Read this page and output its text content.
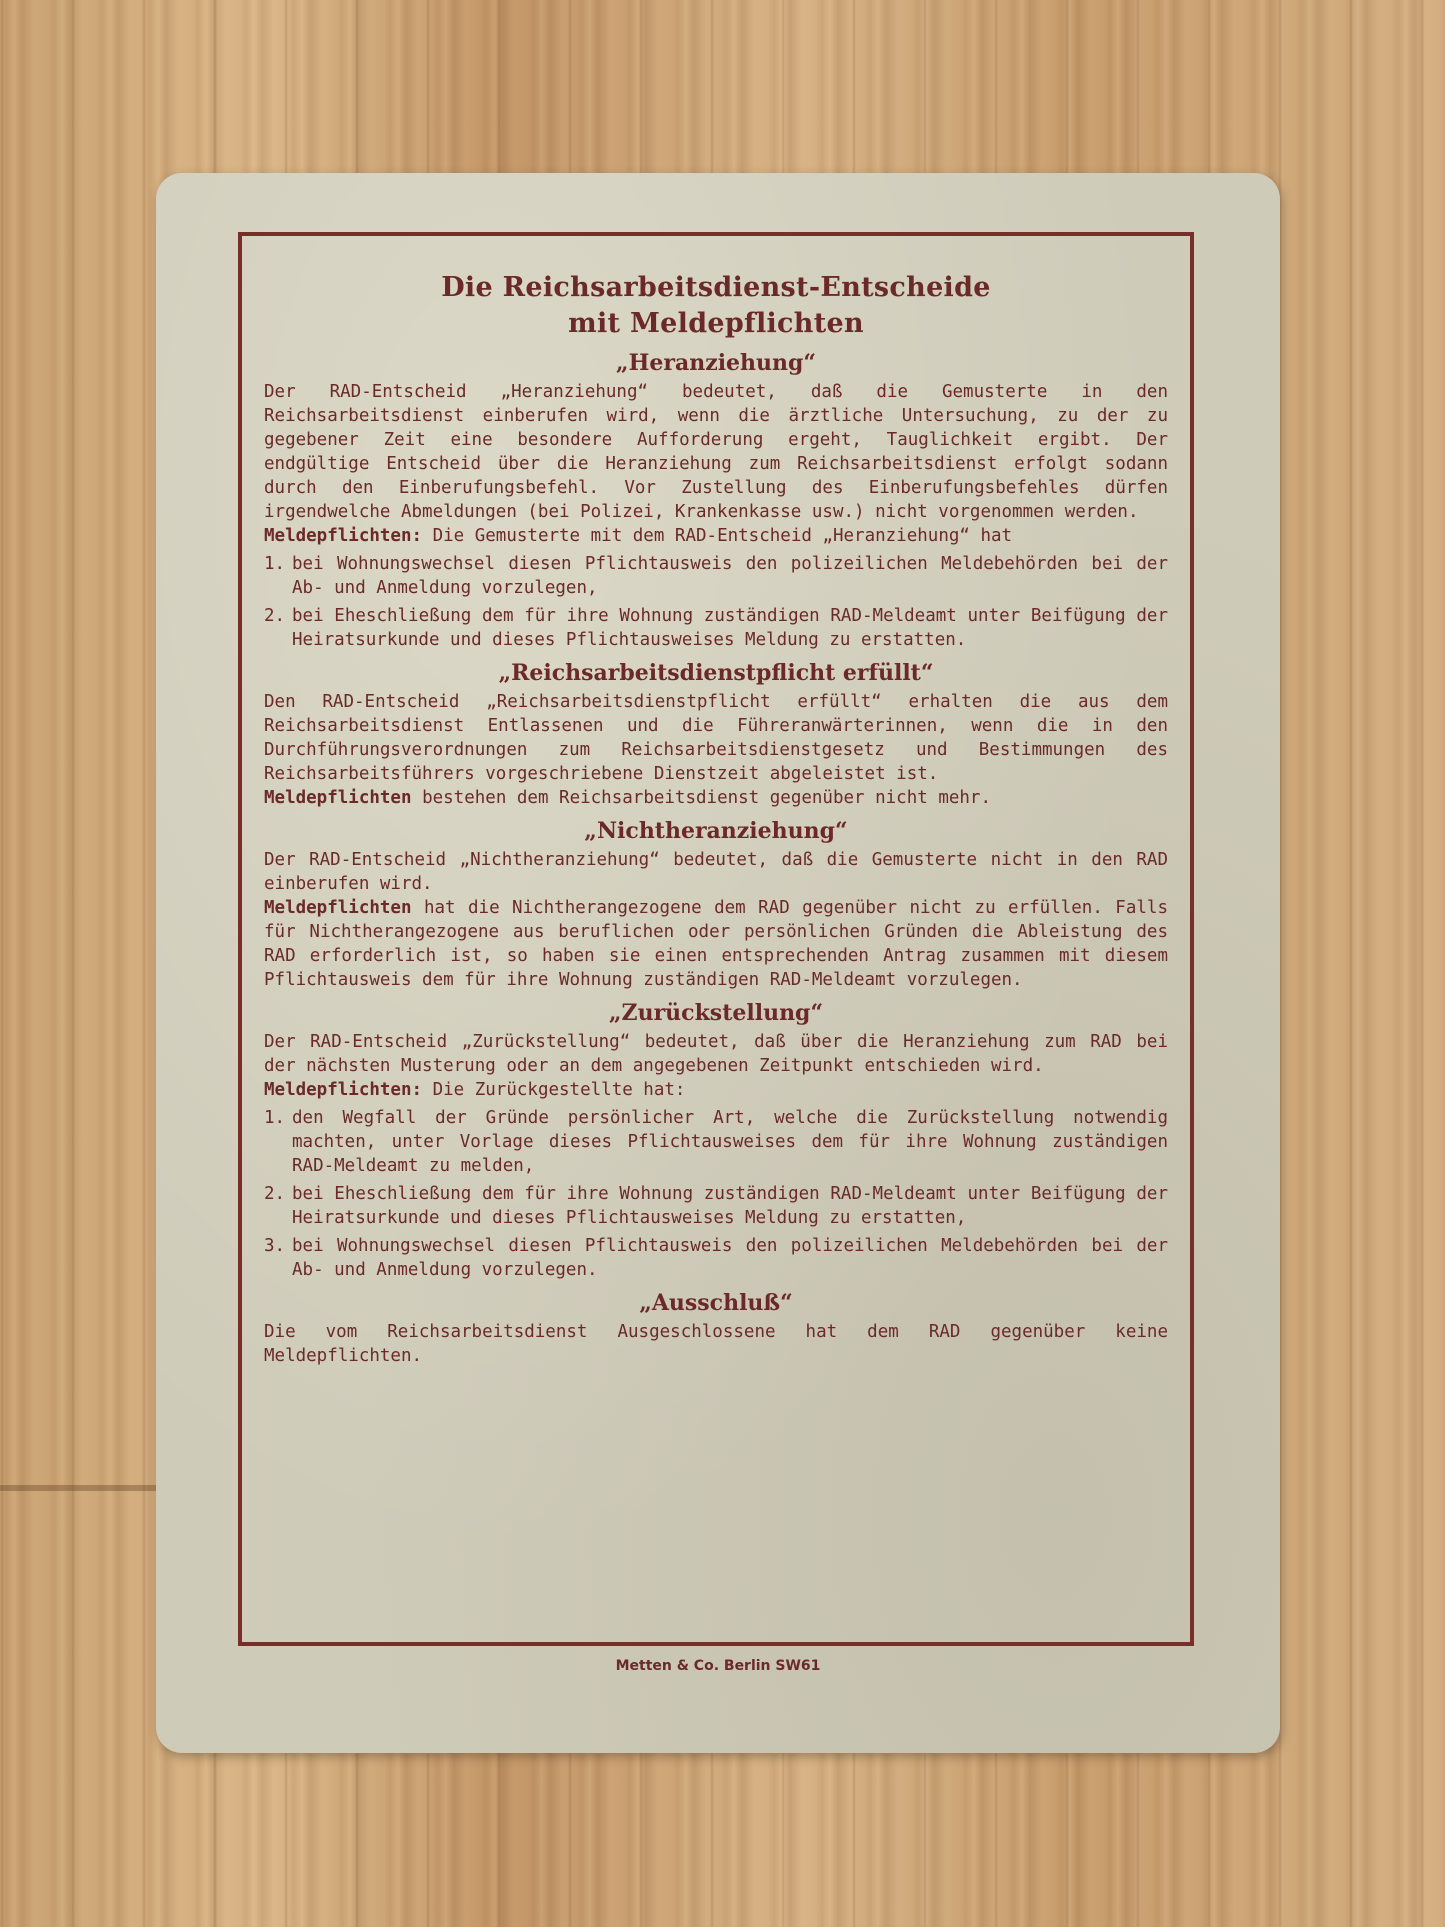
Die Reichsarbeitsdienst-Entscheide
mit Meldepflichten
„Heranziehung“
Der RAD-Entscheid „Heranziehung“ bedeutet, daß die Gemusterte in den Reichsarbeitsdienst einberufen wird, wenn die ärztliche Untersuchung, zu der zu gegebener Zeit eine besondere Aufforderung ergeht, Tauglichkeit ergibt. Der endgültige Entscheid über die Heranziehung zum Reichsarbeitsdienst erfolgt sodann durch den Einberufungsbefehl. Vor Zustellung des Einberufungsbefehles dürfen irgendwelche Abmeldungen (bei Polizei, Krankenkasse usw.) nicht vorgenommen werden.
Meldepflichten: Die Gemusterte mit dem RAD-Entscheid „Heranziehung“ hat
1. bei Wohnungswechsel diesen Pflichtausweis den polizeilichen Meldebehörden bei der Ab- und Anmeldung vorzulegen,
2. bei Eheschließung dem für ihre Wohnung zuständigen RAD-Meldeamt unter Beifügung der Heiratsurkunde und dieses Pflichtausweises Meldung zu erstatten.
„Reichsarbeitsdienstpflicht erfüllt“
Den RAD-Entscheid „Reichsarbeitsdienstpflicht erfüllt“ erhalten die aus dem Reichsarbeitsdienst Entlassenen und die Führeranwärterinnen, wenn die in den Durchführungsverordnungen zum Reichsarbeitsdienstgesetz und Bestimmungen des Reichsarbeitsführers vorgeschriebene Dienstzeit abgeleistet ist.
Meldepflichten bestehen dem Reichsarbeitsdienst gegenüber nicht mehr.
„Nichtheranziehung“
Der RAD-Entscheid „Nichtheranziehung“ bedeutet, daß die Gemusterte nicht in den RAD einberufen wird.
Meldepflichten hat die Nichtherangezogene dem RAD gegenüber nicht zu erfüllen. Falls für Nichtherangezogene aus beruflichen oder persönlichen Gründen die Ableistung des RAD erforderlich ist, so haben sie einen entsprechenden Antrag zusammen mit diesem Pflichtausweis dem für ihre Wohnung zuständigen RAD-Meldeamt vorzulegen.
„Zurückstellung“
Der RAD-Entscheid „Zurückstellung“ bedeutet, daß über die Heranziehung zum RAD bei der nächsten Musterung oder an dem angegebenen Zeitpunkt entschieden wird.
Meldepflichten: Die Zurückgestellte hat:
1. den Wegfall der Gründe persönlicher Art, welche die Zurückstellung notwendig machten, unter Vorlage dieses Pflichtausweises dem für ihre Wohnung zuständigen RAD-Meldeamt zu melden,
2. bei Eheschließung dem für ihre Wohnung zuständigen RAD-Meldeamt unter Beifügung der Heiratsurkunde und dieses Pflichtausweises Meldung zu erstatten,
3. bei Wohnungswechsel diesen Pflichtausweis den polizeilichen Meldebehörden bei der Ab- und Anmeldung vorzulegen.
„Ausschluß“
Die vom Reichsarbeitsdienst Ausgeschlossene hat dem RAD gegenüber keine Meldepflichten.
Metten & Co. Berlin SW61
